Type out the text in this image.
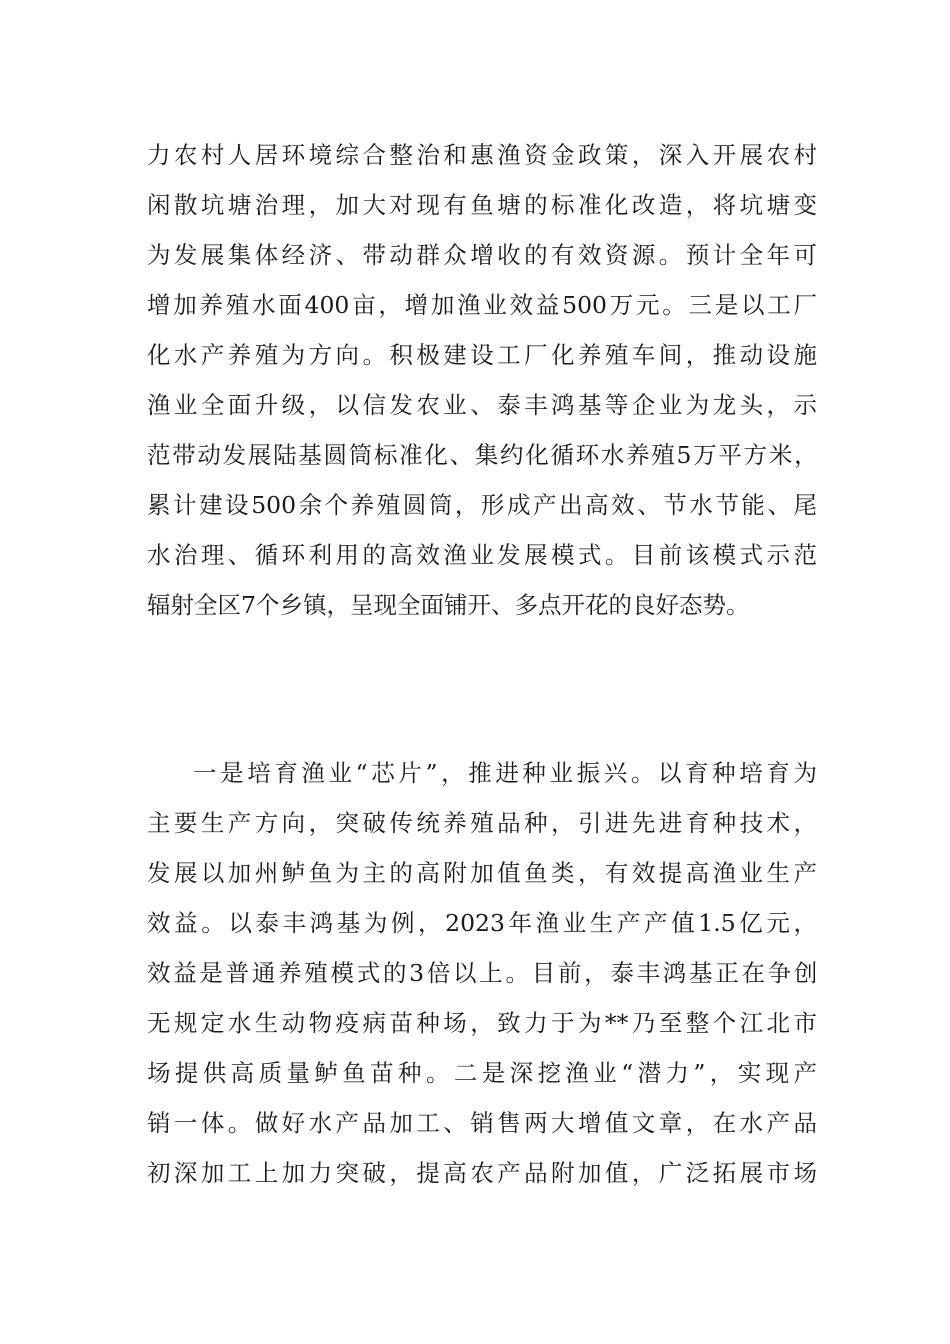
力农村人居环境综合整治和惠渔资金政策，深入开展农村
闲散坑塘治理，加大对现有鱼塘的标准化改造，将坑塘变
为发展集体经济、带动群众增收的有效资源。预计全年可
增加养殖水面400亩，增加渔业效益500万元。三是以工厂
化水产养殖为方向。积极建设工厂化养殖车间，推动设施
渔业全面升级，以信发农业、泰丰鸿基等企业为龙头，示
范带动发展陆基圆筒标准化、集约化循环水养殖5万平方米，
累计建设500余个养殖圆筒，形成产出高效、节水节能、尾
水治理、循环利用的高效渔业发展模式。目前该模式示范
辐射全区7个乡镇，呈现全面铺开、多点开花的良好态势。
一是培育渔业“芯片”，推进种业振兴。以育种培育为
主要生产方向，突破传统养殖品种，引进先进育种技术，
发展以加州鲈鱼为主的高附加值鱼类，有效提高渔业生产
效益。以泰丰鸿基为例，2023年渔业生产产值1.5亿元，
效益是普通养殖模式的3倍以上。目前，泰丰鸿基正在争创
无规定水生动物疫病苗种场，致力于为**乃至整个江北市
场提供高质量鲈鱼苗种。二是深挖渔业“潜力”，实现产
销一体。做好水产品加工、销售两大增值文章，在水产品
初深加工上加力突破，提高农产品附加值，广泛拓展市场
